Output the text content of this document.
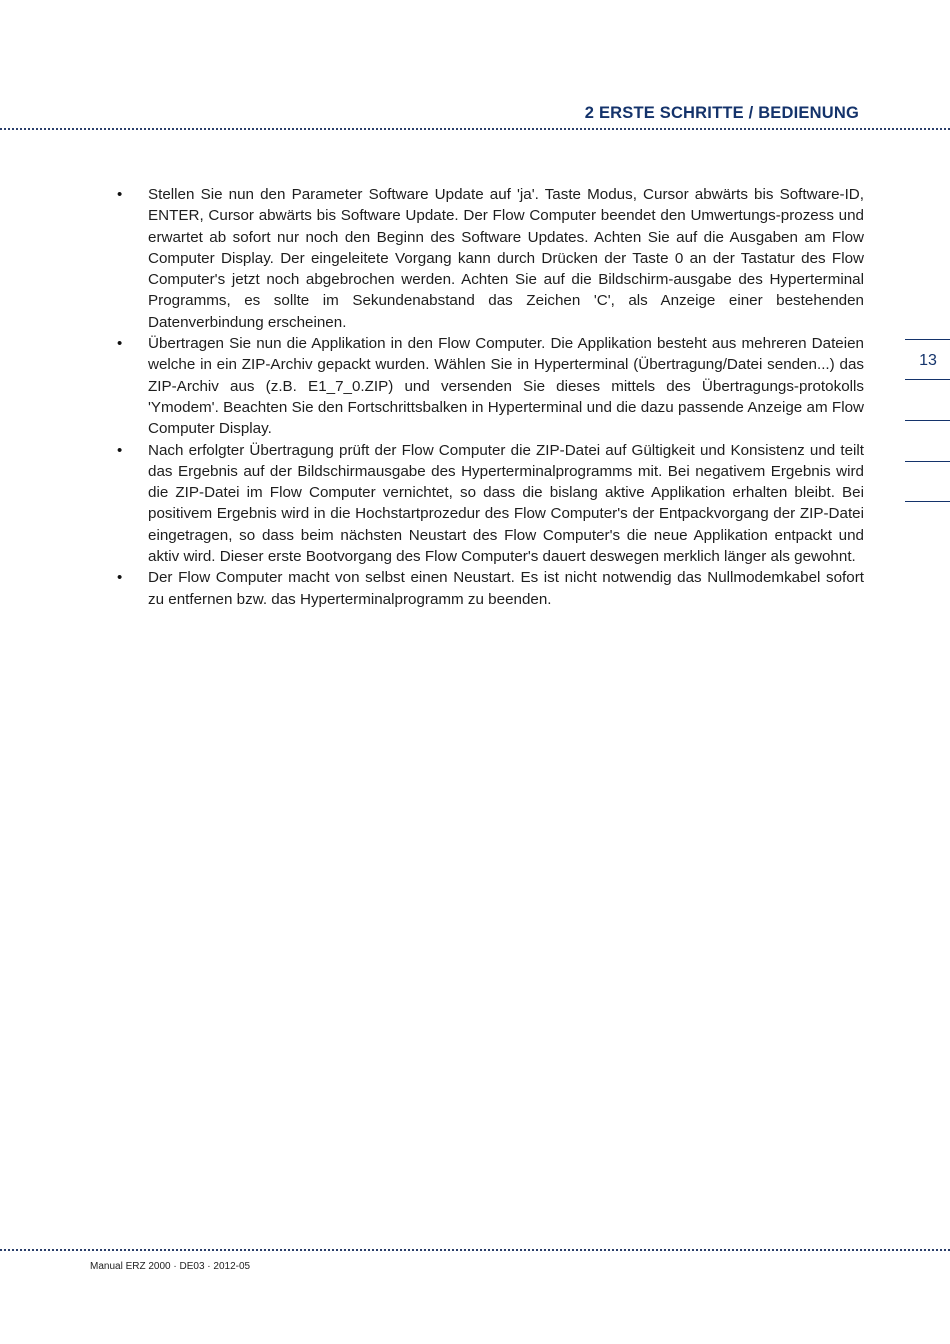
2 ERSTE SCHRITTE / BEDIENUNG
13
• Stellen Sie nun den Parameter Software Update auf 'ja'. Taste Modus, Cursor abwärts bis Software-ID, ENTER, Cursor abwärts bis Software Update. Der Flow Computer beendet den Umwertungs-prozess und erwartet ab sofort nur noch den Beginn des Software Updates. Achten Sie auf die Ausgaben am Flow Computer Display. Der eingeleitete Vorgang kann durch Drücken der Taste 0 an der Tastatur des Flow Computer's jetzt noch abgebrochen werden. Achten Sie auf die Bildschirm-ausgabe des Hyperterminal Programms, es sollte im Sekundenabstand das Zeichen 'C', als Anzeige einer bestehenden Datenverbindung erscheinen.
• Übertragen Sie nun die Applikation in den Flow Computer. Die Applikation besteht aus mehreren Dateien welche in ein ZIP-Archiv gepackt wurden. Wählen Sie in Hyperterminal (Übertragung/Datei senden...) das ZIP-Archiv aus (z.B. E1_7_0.ZIP) und versenden Sie dieses mittels des Übertragungs-protokolls 'Ymodem'. Beachten Sie den Fortschrittsbalken in Hyperterminal und die dazu passende Anzeige am Flow Computer Display.
• Nach erfolgter Übertragung prüft der Flow Computer die ZIP-Datei auf Gültigkeit und Konsistenz und teilt das Ergebnis auf der Bildschirmausgabe des Hyperterminalprogramms mit. Bei negativem Ergebnis wird die ZIP-Datei im Flow Computer vernichtet, so dass die bislang aktive Applikation erhalten bleibt. Bei positivem Ergebnis wird in die Hochstartprozedur des Flow Computer's der Entpackvorgang der ZIP-Datei eingetragen, so dass beim nächsten Neustart des Flow Computer's die neue Applikation entpackt und aktiv wird. Dieser erste Bootvorgang des Flow Computer's dauert deswegen merklich länger als gewohnt.
• Der Flow Computer macht von selbst einen Neustart. Es ist nicht notwendig das Nullmodemkabel sofort zu entfernen bzw. das Hyperterminalprogramm zu beenden.
Manual ERZ 2000 · DE03 · 2012-05
